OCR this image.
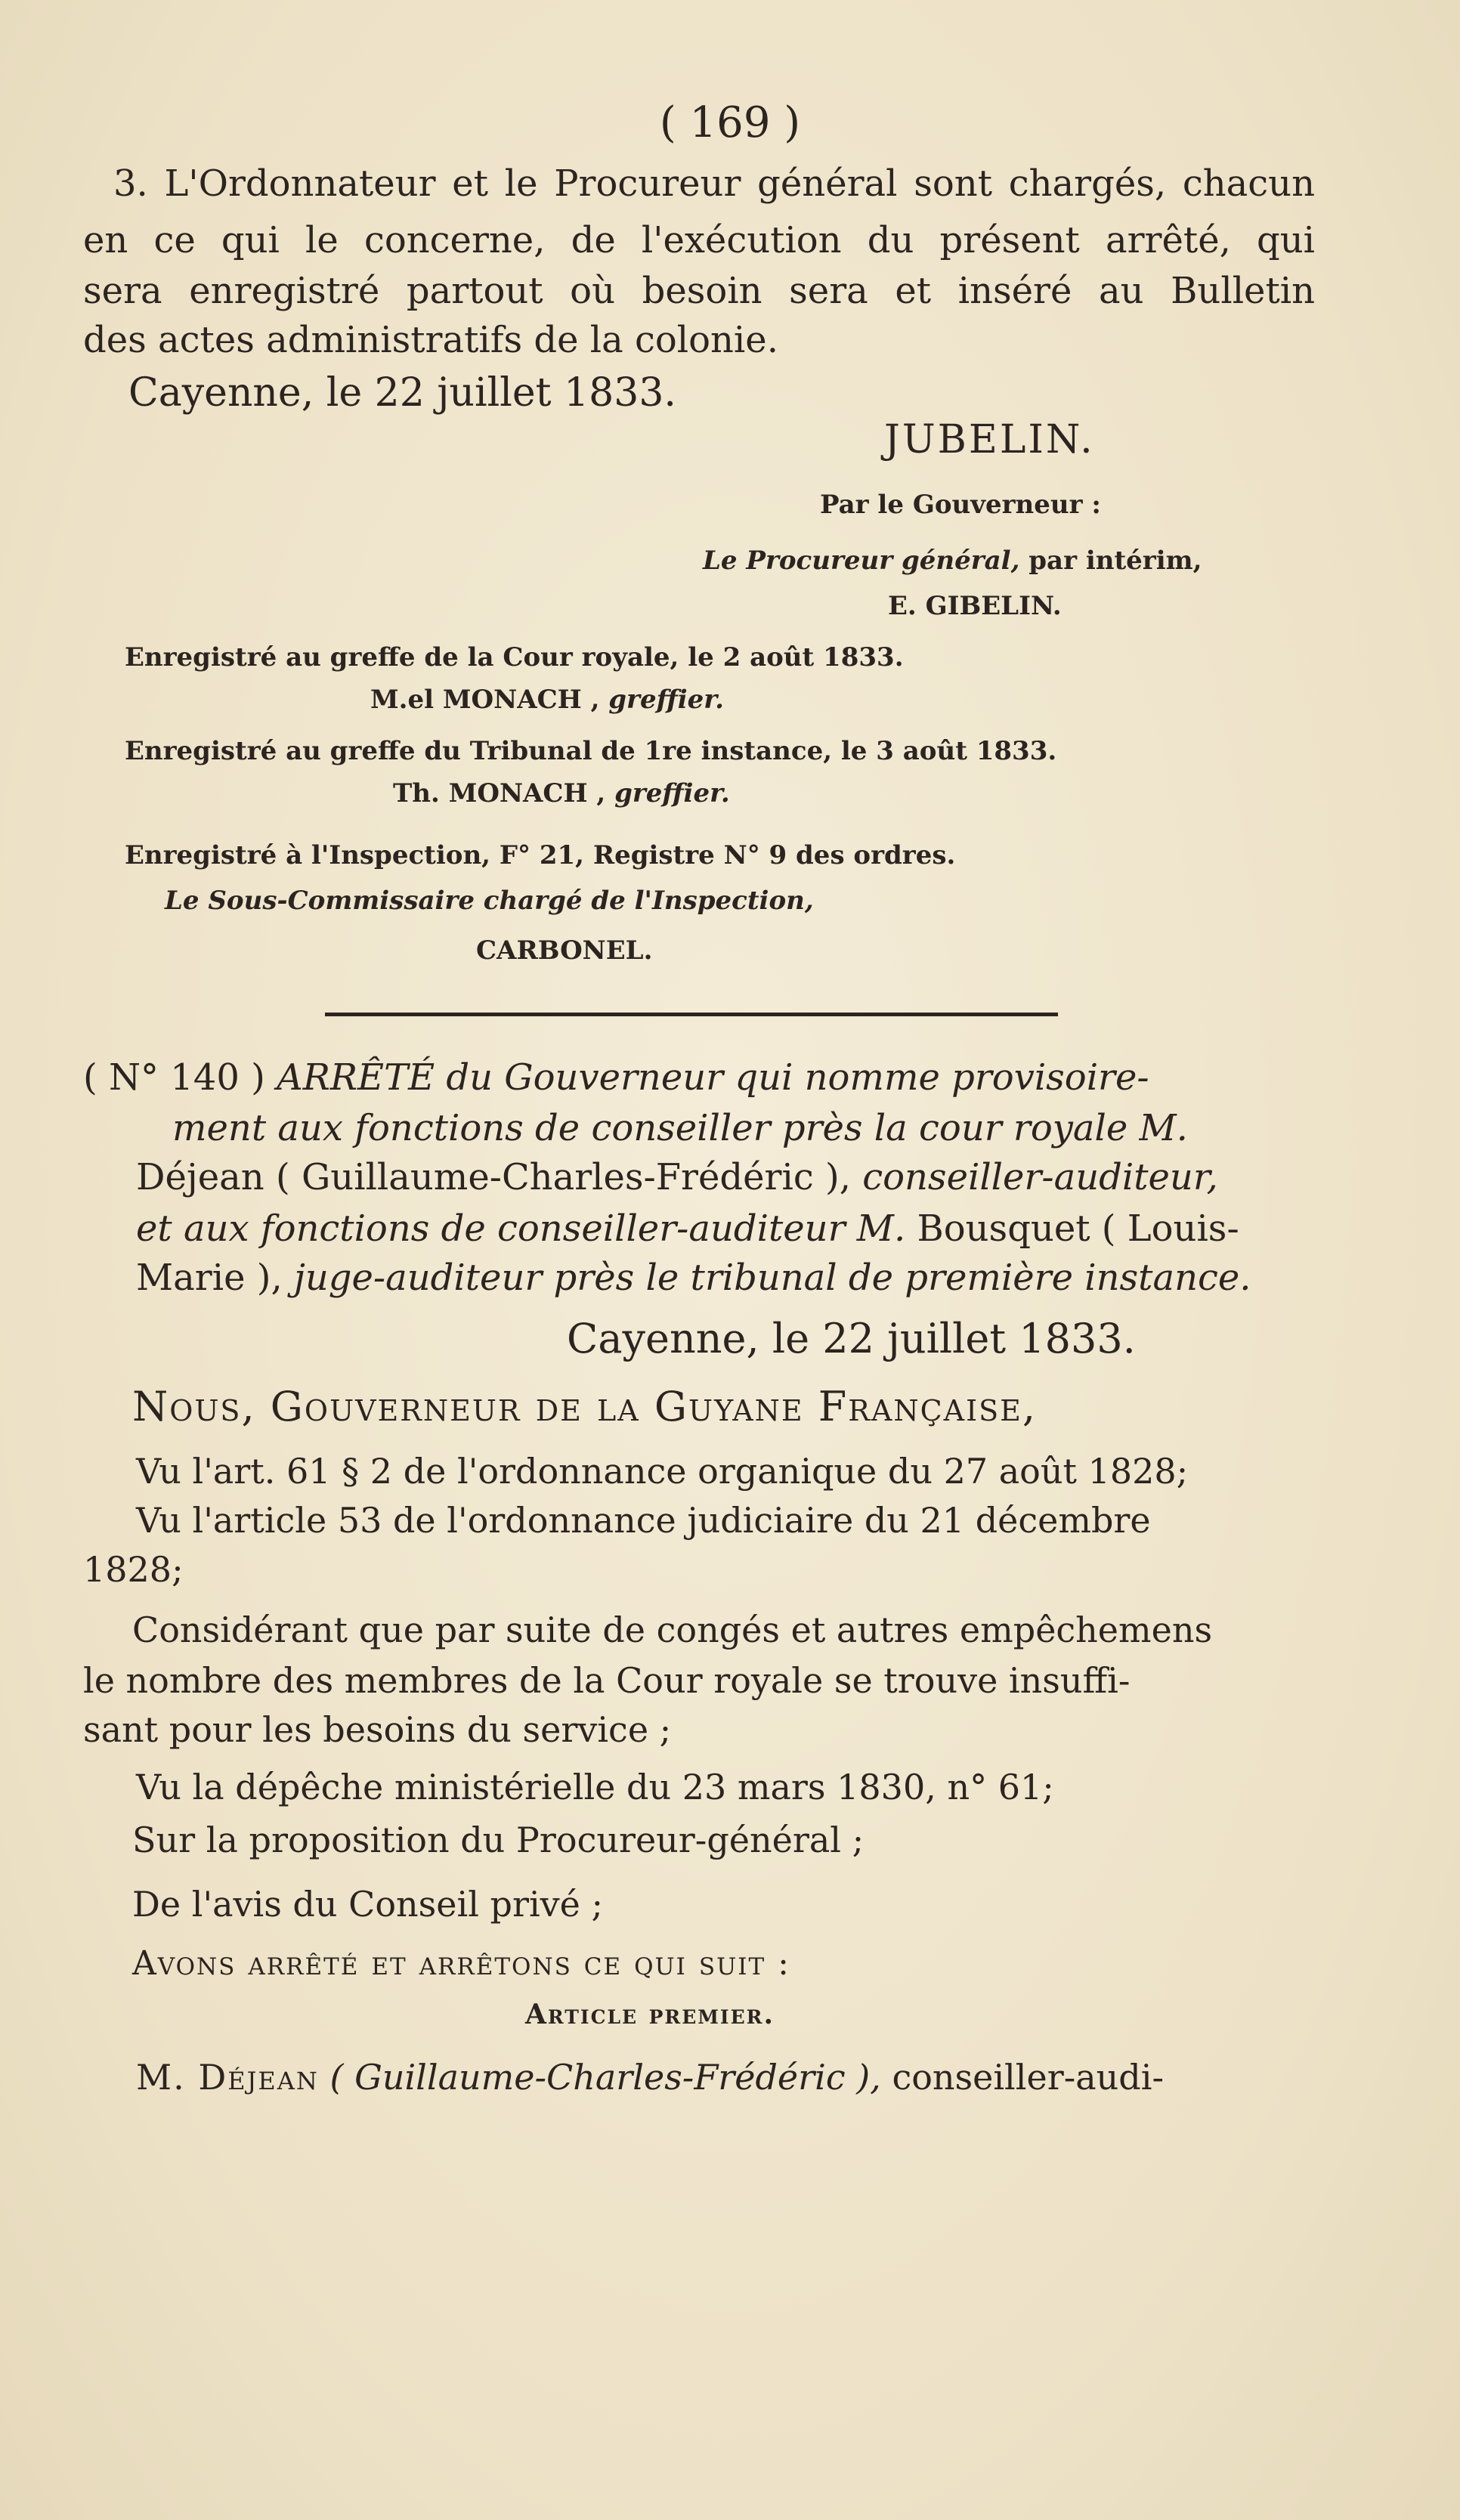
( 169 )
3. L'Ordonnateur et le Procureur général sont chargés, chacun
en ce qui le concerne, de l'exécution du présent arrêté, qui
sera enregistré partout où besoin sera et inséré au Bulletin
des actes administratifs de la colonie.
Cayenne, le 22 juillet 1833.
JUBELIN.
Par le Gouverneur :
Le Procureur général, par intérim,
E. GIBELIN.
Enregistré au greffe de la Cour royale, le 2 août 1833.
M.el MONACH , greffier.
Enregistré au greffe du Tribunal de 1re instance, le 3 août 1833.
Th. MONACH , greffier.
Enregistré à l'Inspection, F° 21, Registre N° 9 des ordres.
Le Sous-Commissaire chargé de l'Inspection,
CARBONEL.
( N° 140 ) ARRÊTÉ du Gouverneur qui nomme provisoire-
ment aux fonctions de conseiller près la cour royale M.
Déjean ( Guillaume-Charles-Frédéric ), conseiller-auditeur,
et aux fonctions de conseiller-auditeur M. Bousquet ( Louis-
Marie ), juge-auditeur près le tribunal de première instance.
Cayenne, le 22 juillet 1833.
Nous, Gouverneur de la Guyane Française,
Vu l'art. 61 § 2 de l'ordonnance organique du 27 août 1828;
Vu l'article 53 de l'ordonnance judiciaire du 21 décembre
1828;
Considérant que par suite de congés et autres empêchemens
le nombre des membres de la Cour royale se trouve insuffi-
sant pour les besoins du service ;
Vu la dépêche ministérielle du 23 mars 1830, n° 61;
Sur la proposition du Procureur-général ;
De l'avis du Conseil privé ;
Avons arrêté et arrêtons ce qui suit :
Article premier.
M. Déjean ( Guillaume-Charles-Frédéric ), conseiller-audi-
